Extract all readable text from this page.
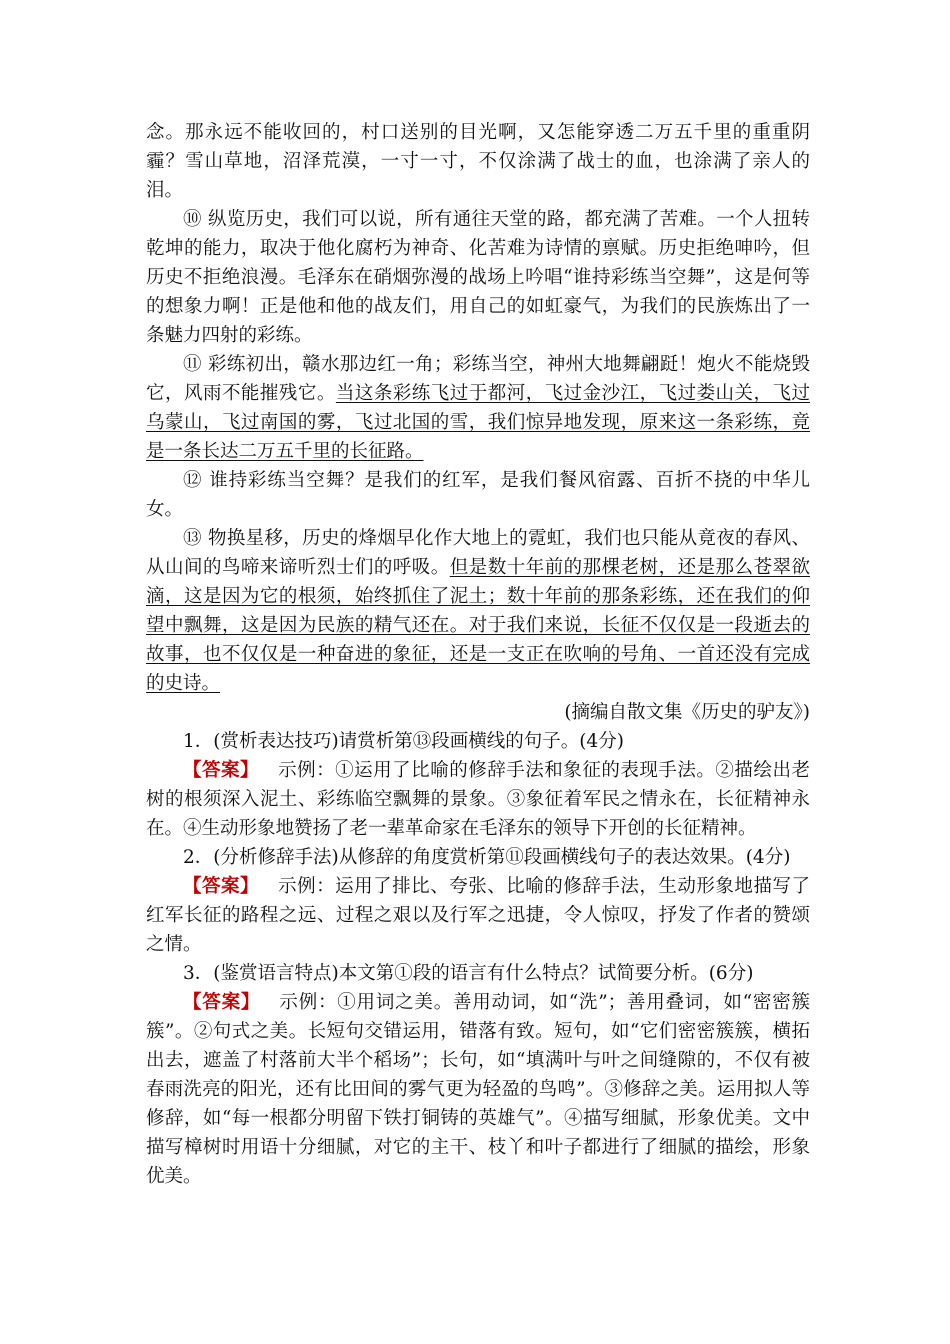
念。那永远不能收回的，村口送别的目光啊，又怎能穿透二万五千里的重重阴霾？雪山草地，沼泽荒漠，一寸一寸，不仅涂满了战士的血，也涂满了亲人的泪。

⑩ 纵览历史，我们可以说，所有通往天堂的路，都充满了苦难。一个人扭转乾坤的能力，取决于他化腐朽为神奇、化苦难为诗情的禀赋。历史拒绝呻吟，但历史不拒绝浪漫。毛泽东在硝烟弥漫的战场上吟唱“谁持彩练当空舞”，这是何等的想象力啊！正是他和他的战友们，用自己的如虹豪气，为我们的民族炼出了一条魅力四射的彩练。

⑪ 彩练初出，赣水那边红一角；彩练当空，神州大地舞翩跹！炮火不能烧毁它，风雨不能摧残它。当这条彩练飞过于都河，飞过金沙江，飞过娄山关，飞过乌蒙山，飞过南国的雾，飞过北国的雪，我们惊异地发现，原来这一条彩练，竟是一条长达二万五千里的长征路。

⑫ 谁持彩练当空舞？是我们的红军，是我们餐风宿露、百折不挠的中华儿女。

⑬ 物换星移，历史的烽烟早化作大地上的霓虹，我们也只能从竟夜的春风、从山间的鸟啼来谛听烈士们的呼吸。但是数十年前的那棵老树，还是那么苍翠欲滴，这是因为它的根须，始终抓住了泥土；数十年前的那条彩练，还在我们的仰望中飘舞，这是因为民族的精气还在。对于我们来说，长征不仅仅是一段逝去的故事，也不仅仅是一种奋进的象征，还是一支正在吹响的号角、一首还没有完成的史诗。

(摘编自散文集《历史的驴友》)

1．(赏析表达技巧)请赏析第⑬段画横线的句子。(4分)

【答案】  示例：①运用了比喻的修辞手法和象征的表现手法。②描绘出老树的根须深入泥土、彩练临空飘舞的景象。③象征着军民之情永在，长征精神永在。④生动形象地赞扬了老一辈革命家在毛泽东的领导下开创的长征精神。

2．(分析修辞手法)从修辞的角度赏析第⑪段画横线句子的表达效果。(4分)

【答案】  示例：运用了排比、夸张、比喻的修辞手法，生动形象地描写了红军长征的路程之远、过程之艰以及行军之迅捷，令人惊叹，抒发了作者的赞颂之情。

3．(鉴赏语言特点)本文第①段的语言有什么特点？试简要分析。(6分)

【答案】  示例：①用词之美。善用动词，如“洗”；善用叠词，如“密密簇簇”。②句式之美。长短句交错运用，错落有致。短句，如“它们密密簇簇，横拓出去，遮盖了村落前大半个稻场”；长句，如“填满叶与叶之间缝隙的，不仅有被春雨洗亮的阳光，还有比田间的雾气更为轻盈的鸟鸣”。③修辞之美。运用拟人等修辞，如“每一根都分明留下铁打铜铸的英雄气”。④描写细腻，形象优美。文中描写樟树时用语十分细腻，对它的主干、枝丫和叶子都进行了细腻的描绘，形象优美。
